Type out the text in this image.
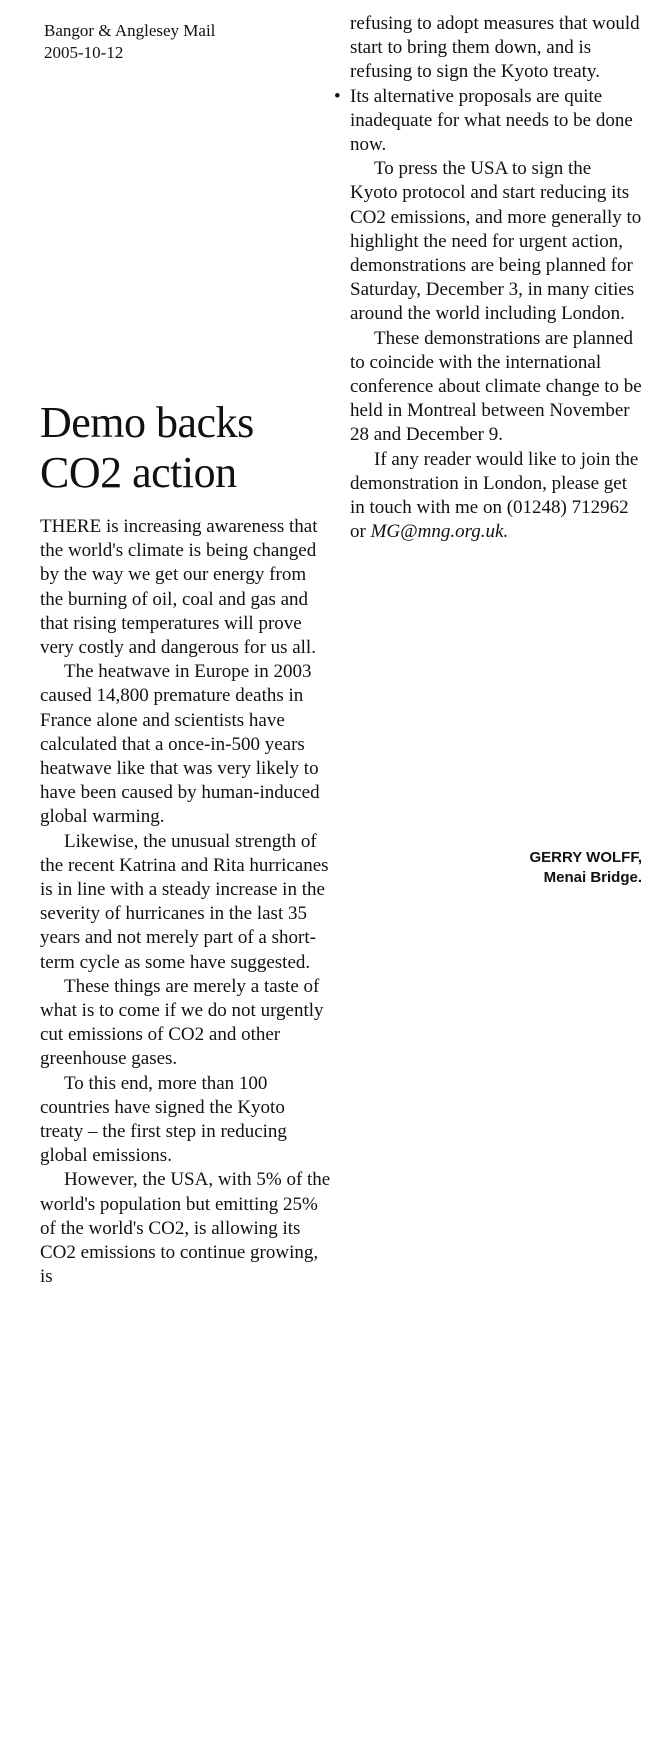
Bangor & Anglesey Mail
2005-10-12
Demo backs
CO2 action

THERE is increasing awareness that the world's climate is being changed by the way we get our energy from the burning of oil, coal and gas and that rising temperatures will prove very costly and dangerous for us all.

The heatwave in Europe in 2003 caused 14,800 premature deaths in France alone and scientists have calculated that a once-in-500 years heatwave like that was very likely to have been caused by human-induced global warming.

Likewise, the unusual strength of the recent Katrina and Rita hurricanes is in line with a steady increase in the severity of hurricanes in the last 35 years and not merely part of a short-term cycle as some have suggested.

These things are merely a taste of what is to come if we do not urgently cut emissions of CO2 and other greenhouse gases.

To this end, more than 100 countries have signed the Kyoto treaty – the first step in reducing global emissions.

However, the USA, with 5% of the world's population but emitting 25% of the world's CO2, is allowing its CO2 emissions to continue growing, is

refusing to adopt measures that would start to bring them down, and is refusing to sign the Kyoto treaty.

• Its alternative proposals are quite inadequate for what needs to be done now.

To press the USA to sign the Kyoto protocol and start reducing its CO2 emissions, and more generally to highlight the need for urgent action, demonstrations are being planned for Saturday, December 3, in many cities around the world including London.

These demonstrations are planned to coincide with the international conference about climate change to be held in Montreal between November 28 and December 9.

If any reader would like to join the demonstration in London, please get in touch with me on (01248) 712962 or MG@mng.org.uk.

GERRY WOLFF,
Menai Bridge.
